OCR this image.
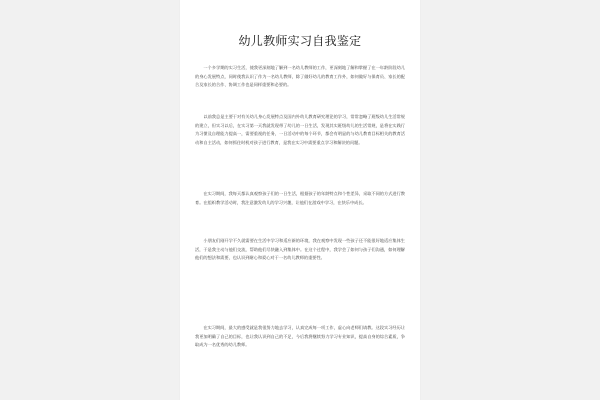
幼儿教师实习自我鉴定
一个多学期的实习生活，使我更深刻地了解到一名幼儿教师的工作，更深刻地了解和掌握了在一年龄阶段幼儿的身心发展特点，同时使我认识了作为一名幼儿教师，除了做好幼儿的教育工作外，如何做好与保育员、家长的配合及家长的合作、协调工作也是同样重要和必要的。
以前我总是主要于对有关幼儿身心发展特点及国内外幼儿教育研究理论的学习，常常忽略了班级幼儿生活常规的建立，但实习以后，在实习第一天我就发现带了幼儿的一日生活，发现其实班级幼儿的生活常规，是将在实践行为习惯及自理能力提高一，需要重视的任务，一日活动中的每个环节，都会有明显的与幼儿教育目标相关的教育活动和自主活动，如何抓住时机对孩子进行教育，是我在实习中需要重点学习和解决的问题。
在实习期间，我每天都认真观察孩子们的一日生活，根据孩子的年龄特点和个性差异，采取不同的方式进行教育。在组织教学活动时，我注意激发幼儿的学习兴趣，让他们在游戏中学习，在快乐中成长。
小朋友们刚开学不久就需要在生活中学习和适应新的环境，我在观察中发现一些孩子还不能很好地适应集体生活，于是我主动与他们交流，帮助他们尽快融入到集体中。在这个过程中，我学会了如何与孩子们沟通，如何理解他们的想法和需要，也认识到耐心和爱心对于一名幼儿教师的重要性。
在实习期间，最大的感受就是我很努力地去学习，认真完成每一项工作，虚心向老师们请教。这段实习经历让我更加明确了自己的目标，也让我认识到自己的不足，今后我将继续努力学习专业知识，提高自身的综合素质，争取成为一名优秀的幼儿教师。
